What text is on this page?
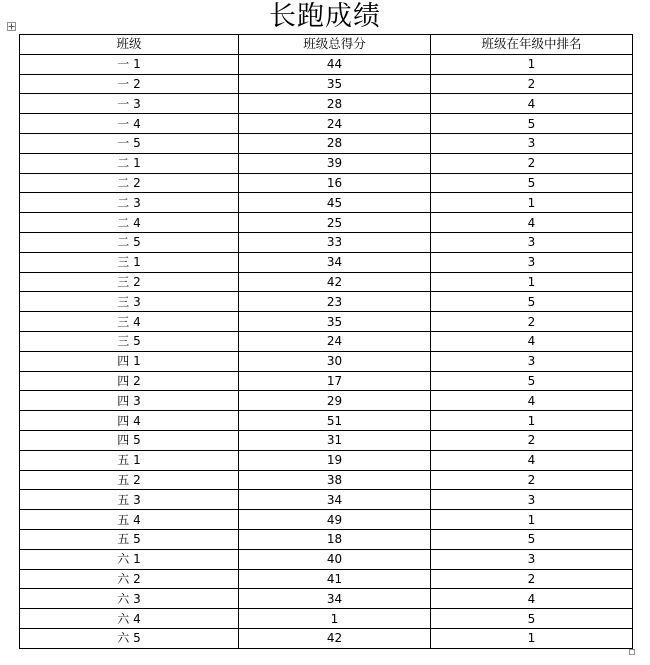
长跑成绩
班级	班级总得分	班级在年级中排名
一 1	44	1
一 2	35	2
一 3	28	4
一 4	24	5
一 5	28	3
二 1	39	2
二 2	16	5
二 3	45	1
二 4	25	4
二 5	33	3
三 1	34	3
三 2	42	1
三 3	23	5
三 4	35	2
三 5	24	4
四 1	30	3
四 2	17	5
四 3	29	4
四 4	51	1
四 5	31	2
五 1	19	4
五 2	38	2
五 3	34	3
五 4	49	1
五 5	18	5
六 1	40	3
六 2	41	2
六 3	34	4
六 4	1	5
六 5	42	1
